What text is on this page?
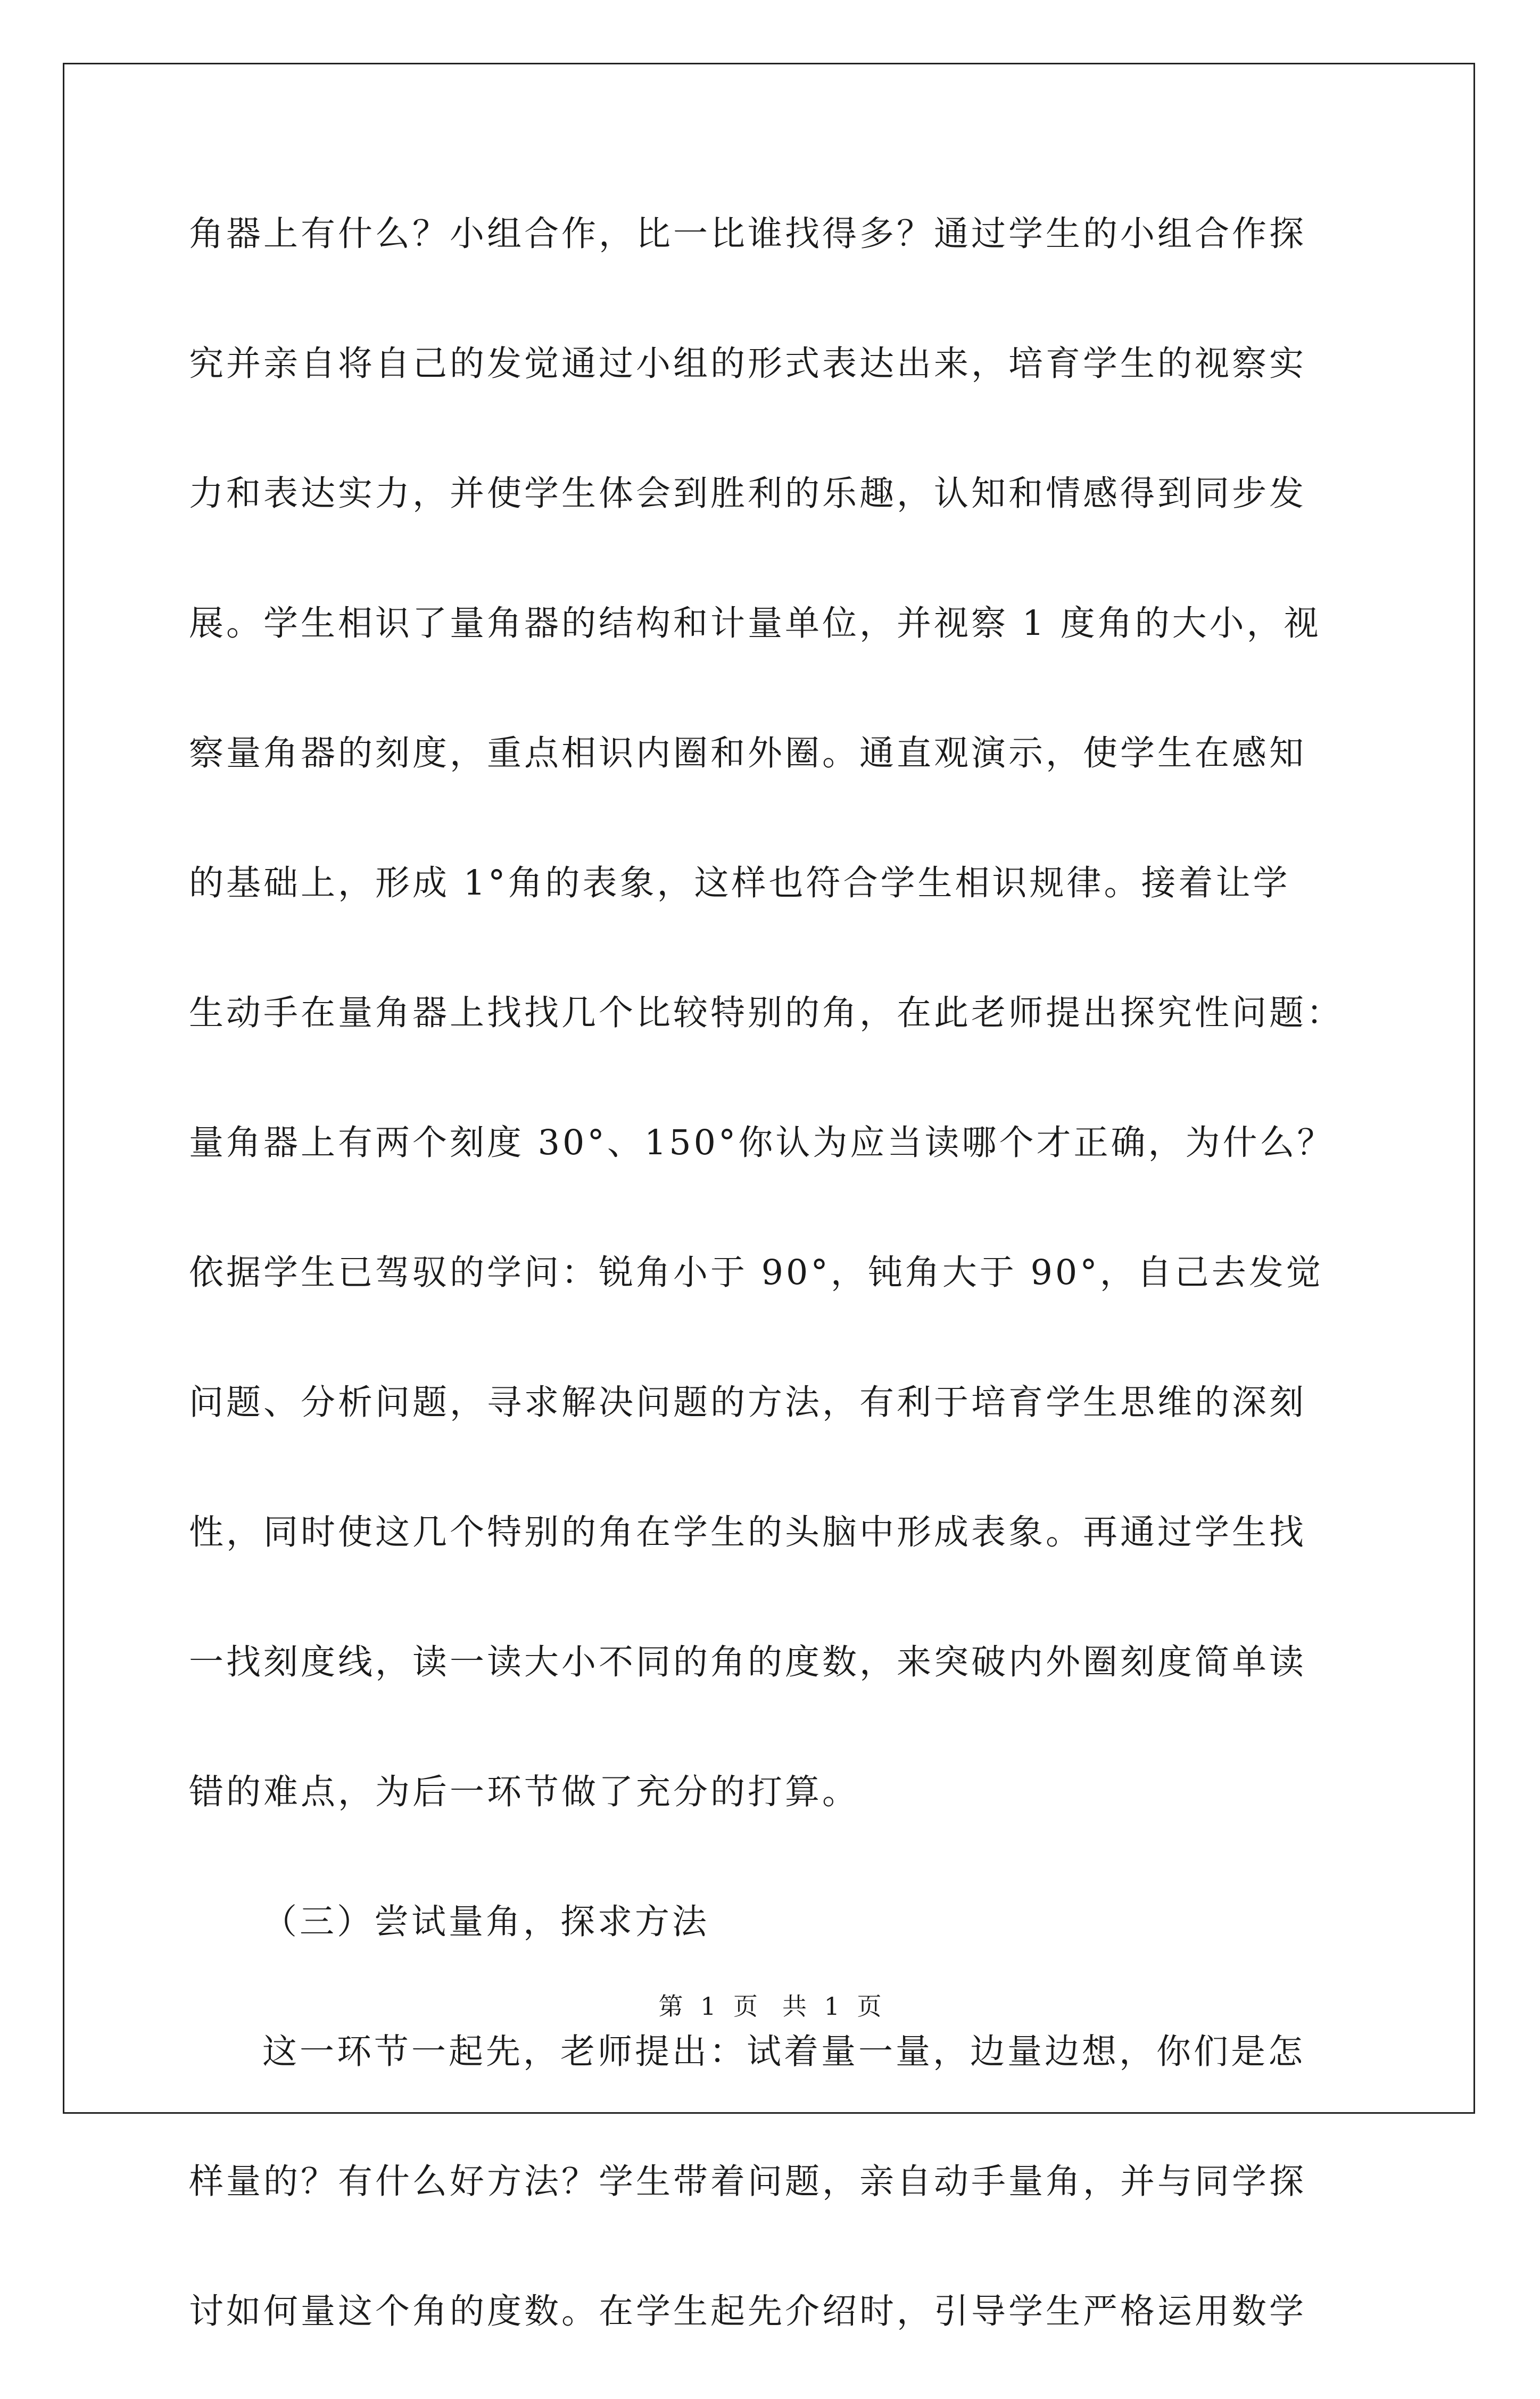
角器上有什么？小组合作，比一比谁找得多？通过学生的小组合作探
究并亲自将自己的发觉通过小组的形式表达出来，培育学生的视察实
力和表达实力，并使学生体会到胜利的乐趣，认知和情感得到同步发
展。学生相识了量角器的结构和计量单位，并视察 1 度角的大小，视
察量角器的刻度，重点相识内圈和外圈。通直观演示，使学生在感知
的基础上，形成 1°角的表象，这样也符合学生相识规律。接着让学
生动手在量角器上找找几个比较特别的角，在此老师提出探究性问题：
量角器上有两个刻度 30°、150°你认为应当读哪个才正确，为什么？
依据学生已驾驭的学问：锐角小于 90°，钝角大于 90°，自己去发觉
问题、分析问题，寻求解决问题的方法，有利于培育学生思维的深刻
性，同时使这几个特别的角在学生的头脑中形成表象。再通过学生找
一找刻度线，读一读大小不同的角的度数，来突破内外圈刻度简单读
错的难点，为后一环节做了充分的打算。
（三）尝试量角，探求方法
这一环节一起先，老师提出：试着量一量，边量边想，你们是怎
样量的？有什么好方法？学生带着问题，亲自动手量角，并与同学探
讨如何量这个角的度数。在学生起先介绍时，引导学生严格运用数学
第 1 页　共 1 页
